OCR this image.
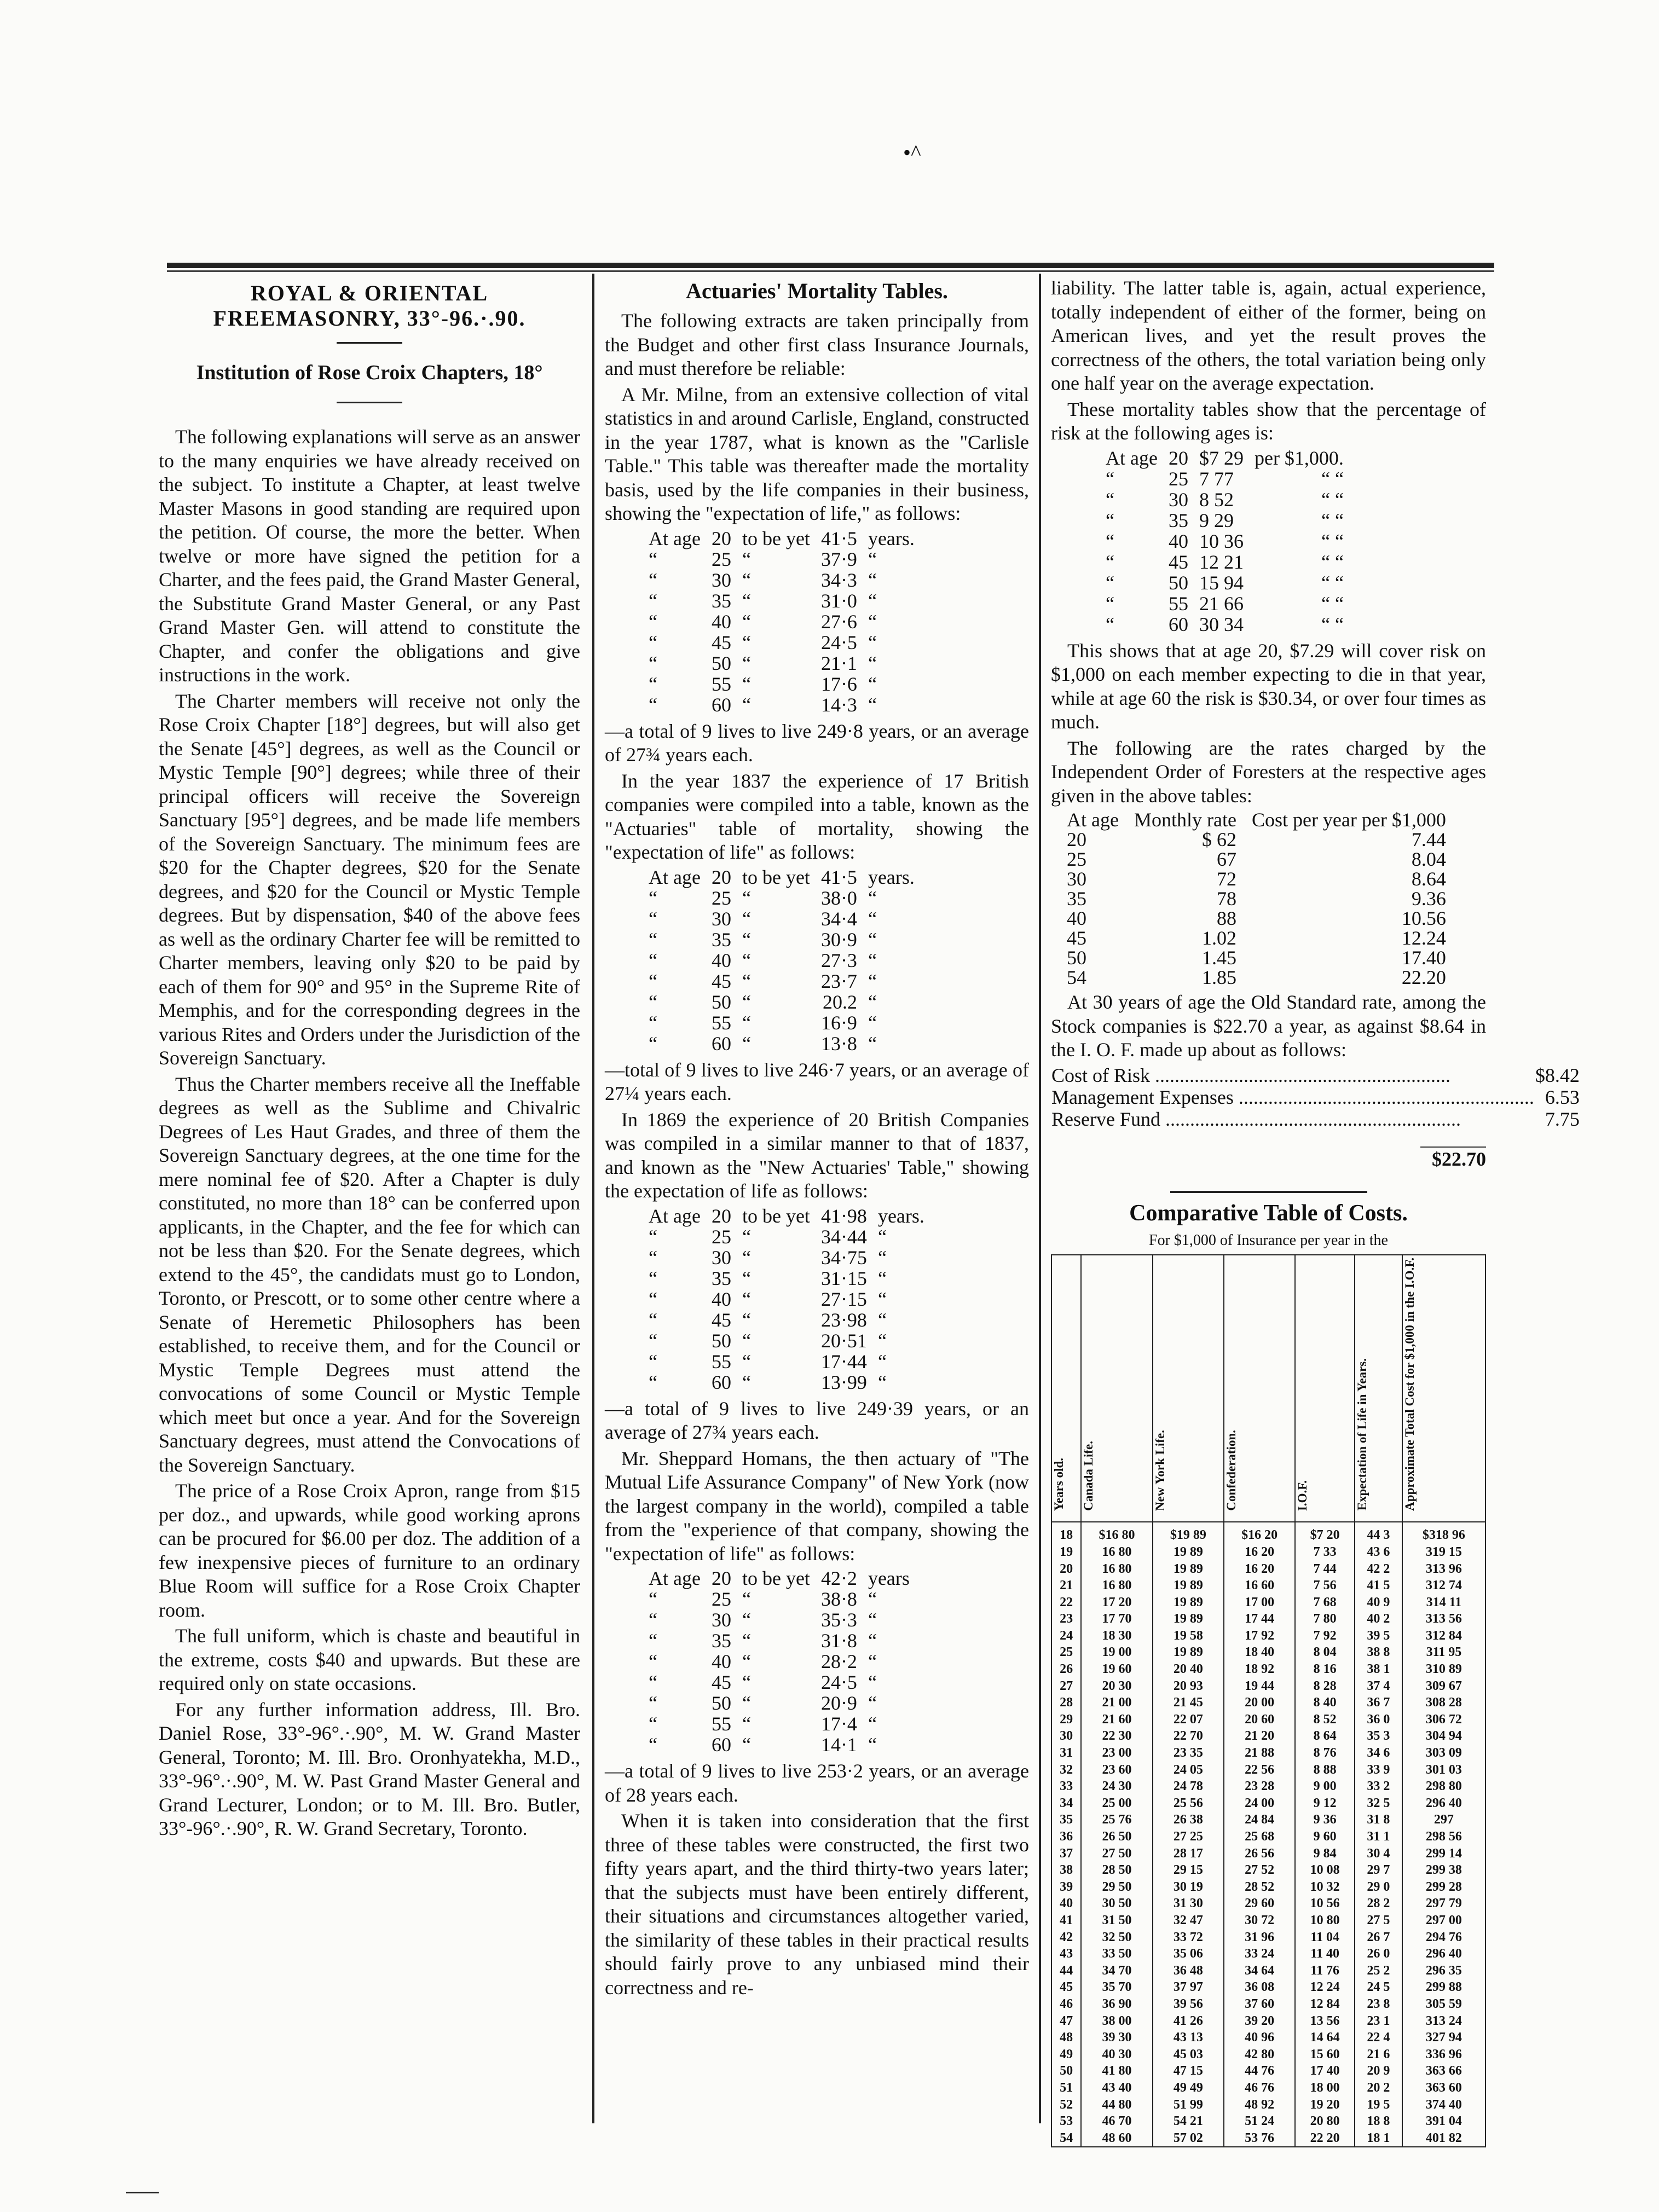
•^
ROYAL & ORIENTAL FREEMASONRY, 33°-96.·.90.
Institution of Rose Croix Chapters, 18°

The following explanations will serve as an answer to the many enquiries we have already received on the subject. To institute a Chapter, at least twelve Master Masons in good standing are required upon the petition. Of course, the more the better. When twelve or more have signed the petition for a Charter, and the fees paid, the Grand Master General, the Substitute Grand Master General, or any Past Grand Master Gen. will attend to constitute the Chapter, and confer the obligations and give instructions in the work.

The Charter members will receive not only the Rose Croix Chapter [18°] degrees, but will also get the Senate [45°] degrees, as well as the Council or Mystic Temple [90°] degrees; while three of their principal officers will receive the Sovereign Sanctuary [95°] degrees, and be made life members of the Sovereign Sanctuary. The minimum fees are $20 for the Chapter degrees, $20 for the Senate degrees, and $20 for the Council or Mystic Temple degrees. But by dispensation, $40 of the above fees as well as the ordinary Charter fee will be remitted to Charter members, leaving only $20 to be paid by each of them for 90° and 95° in the Supreme Rite of Memphis, and for the corresponding degrees in the various Rites and Orders under the Jurisdiction of the Sovereign Sanctuary.

Thus the Charter members receive all the Ineffable degrees as well as the Sublime and Chivalric Degrees of Les Haut Grades, and three of them the Sovereign Sanctuary degrees, at the one time for the mere nominal fee of $20. After a Chapter is duly constituted, no more than 18° can be conferred upon applicants, in the Chapter, and the fee for which can not be less than $20. For the Senate degrees, which extend to the 45°, the candidats must go to London, Toronto, or Prescott, or to some other centre where a Senate of Heremetic Philosophers has been established, to receive them, and for the Council or Mystic Temple Degrees must attend the convocations of some Council or Mystic Temple which meet but once a year. And for the Sovereign Sanctuary degrees, must attend the Convocations of the Sovereign Sanctuary.

The price of a Rose Croix Apron, range from $15 per doz., and upwards, while good working aprons can be procured for $6.00 per doz. The addition of a few inexpensive pieces of furniture to an ordinary Blue Room will suffice for a Rose Croix Chapter room.

The full uniform, which is chaste and beautiful in the extreme, costs $40 and upwards. But these are required only on state occasions.

For any further information address, Ill. Bro. Daniel Rose, 33°-96°.·.90°, M. W. Grand Master General, Toronto; M. Ill. Bro. Oronhyatekha, M.D., 33°-96°.·.90°, M. W. Past Grand Master General and Grand Lecturer, London; or to M. Ill. Bro. Butler, 33°-96°.·.90°, R. W. Grand Secretary, Toronto.

Actuaries' Mortality Tables.

The following extracts are taken principally from the Budget and other first class Insurance Journals, and must therefore be reliable:

A Mr. Milne, from an extensive collection of vital statistics in and around Carlisle, England, constructed in the year 1787, what is known as the "Carlisle Table." This table was thereafter made the mortality basis, used by the life companies in their business, showing the "expectation of life," as follows:

At age	20	to be yet	41·5	years.
“	25	“	37·9	“
“	30	“	34·3	“
“	35	“	31·0	“
“	40	“	27·6	“
“	45	“	24·5	“
“	50	“	21·1	“
“	55	“	17·6	“
“	60	“	14·3	“

—a total of 9 lives to live 249·8 years, or an average of 27¾ years each.

In the year 1837 the experience of 17 British companies were compiled into a table, known as the "Actuaries" table of mortality, showing the "expectation of life" as follows:

At age	20	to be yet	41·5	years.
“	25	“	38·0	“
“	30	“	34·4	“
“	35	“	30·9	“
“	40	“	27·3	“
“	45	“	23·7	“
“	50	“	20.2	“
“	55	“	16·9	“
“	60	“	13·8	“

—total of 9 lives to live 246·7 years, or an average of 27¼ years each.

In 1869 the experience of 20 British Companies was compiled in a similar manner to that of 1837, and known as the "New Actuaries' Table," showing the expectation of life as follows:

At age	20	to be yet	41·98	years.
“	25	“	34·44	“
“	30	“	34·75	“
“	35	“	31·15	“
“	40	“	27·15	“
“	45	“	23·98	“
“	50	“	20·51	“
“	55	“	17·44	“
“	60	“	13·99	“

—a total of 9 lives to live 249·39 years, or an average of 27¾ years each.

Mr. Sheppard Homans, the then actuary of "The Mutual Life Assurance Company" of New York (now the largest company in the world), compiled a table from the "experience of that company, showing the "expectation of life" as follows:

At age	20	to be yet	42·2	years
“	25	“	38·8	“
“	30	“	35·3	“
“	35	“	31·8	“
“	40	“	28·2	“
“	45	“	24·5	“
“	50	“	20·9	“
“	55	“	17·4	“
“	60	“	14·1	“

—a total of 9 lives to live 253·2 years, or an average of 28 years each.

When it is taken into consideration that the first three of these tables were constructed, the first two fifty years apart, and the third thirty-two years later; that the subjects must have been entirely different, their situations and circumstances altogether varied, the similarity of these tables in their practical results should fairly prove to any unbiased mind their correctness and re-

liability. The latter table is, again, actual experience, totally independent of either of the former, being on American lives, and yet the result proves the correctness of the others, the total variation being only one half year on the average expectation.

These mortality tables show that the percentage of risk at the following ages is:

At age	20	$7 29	per $1,000.
“	25	7 77	“ “
“	30	8 52	“ “
“	35	9 29	“ “
“	40	10 36	“ “
“	45	12 21	“ “
“	50	15 94	“ “
“	55	21 66	“ “
“	60	30 34	“ “

This shows that at age 20, $7.29 will cover risk on $1,000 on each member expecting to die in that year, while at age 60 the risk is $30.34, or over four times as much.

The following are the rates charged by the Independent Order of Foresters at the respective ages given in the above tables:

At age	Monthly rate	Cost per year per $1,000
20	$ 62	7.44
25	67	8.04
30	72	8.64
35	78	9.36
40	88	10.56
45	1.02	12.24
50	1.45	17.40
54	1.85	22.20

At 30 years of age the Old Standard rate, among the Stock companies is $22.70 a year, as against $8.64 in the I. O. F. made up about as follows:

Cost of Risk ............................................................	$8.42
Management Expenses ............................................................	6.53
Reserve Fund ............................................................	7.75
$22.70
Comparative Table of Costs.
For $1,000 of Insurance per year in the
Years old.	Canada Life.	New York Life.	Confederation.	I.O.F.	Expectation of Life in Years.	Approximate Total Cost for $1,000 in the I.O.F.
18	$16 80	$19 89	$16 20	$7 20	44 3	$318 96
19	16 80	19 89	16 20	7 33	43 6	319 15
20	16 80	19 89	16 20	7 44	42 2	313 96
21	16 80	19 89	16 60	7 56	41 5	312 74
22	17 20	19 89	17 00	7 68	40 9	314 11
23	17 70	19 89	17 44	7 80	40 2	313 56
24	18 30	19 58	17 92	7 92	39 5	312 84
25	19 00	19 89	18 40	8 04	38 8	311 95
26	19 60	20 40	18 92	8 16	38 1	310 89
27	20 30	20 93	19 44	8 28	37 4	309 67
28	21 00	21 45	20 00	8 40	36 7	308 28
29	21 60	22 07	20 60	8 52	36 0	306 72
30	22 30	22 70	21 20	8 64	35 3	304 94
31	23 00	23 35	21 88	8 76	34 6	303 09
32	23 60	24 05	22 56	8 88	33 9	301 03
33	24 30	24 78	23 28	9 00	33 2	298 80
34	25 00	25 56	24 00	9 12	32 5	296 40
35	25 76	26 38	24 84	9 36	31 8	297
36	26 50	27 25	25 68	9 60	31 1	298 56
37	27 50	28 17	26 56	9 84	30 4	299 14
38	28 50	29 15	27 52	10 08	29 7	299 38
39	29 50	30 19	28 52	10 32	29 0	299 28
40	30 50	31 30	29 60	10 56	28 2	297 79
41	31 50	32 47	30 72	10 80	27 5	297 00
42	32 50	33 72	31 96	11 04	26 7	294 76
43	33 50	35 06	33 24	11 40	26 0	296 40
44	34 70	36 48	34 64	11 76	25 2	296 35
45	35 70	37 97	36 08	12 24	24 5	299 88
46	36 90	39 56	37 60	12 84	23 8	305 59
47	38 00	41 26	39 20	13 56	23 1	313 24
48	39 30	43 13	40 96	14 64	22 4	327 94
49	40 30	45 03	42 80	15 60	21 6	336 96
50	41 80	47 15	44 76	17 40	20 9	363 66
51	43 40	49 49	46 76	18 00	20 2	363 60
52	44 80	51 99	48 92	19 20	19 5	374 40
53	46 70	54 21	51 24	20 80	18 8	391 04
54	48 60	57 02	53 76	22 20	18 1	401 82
